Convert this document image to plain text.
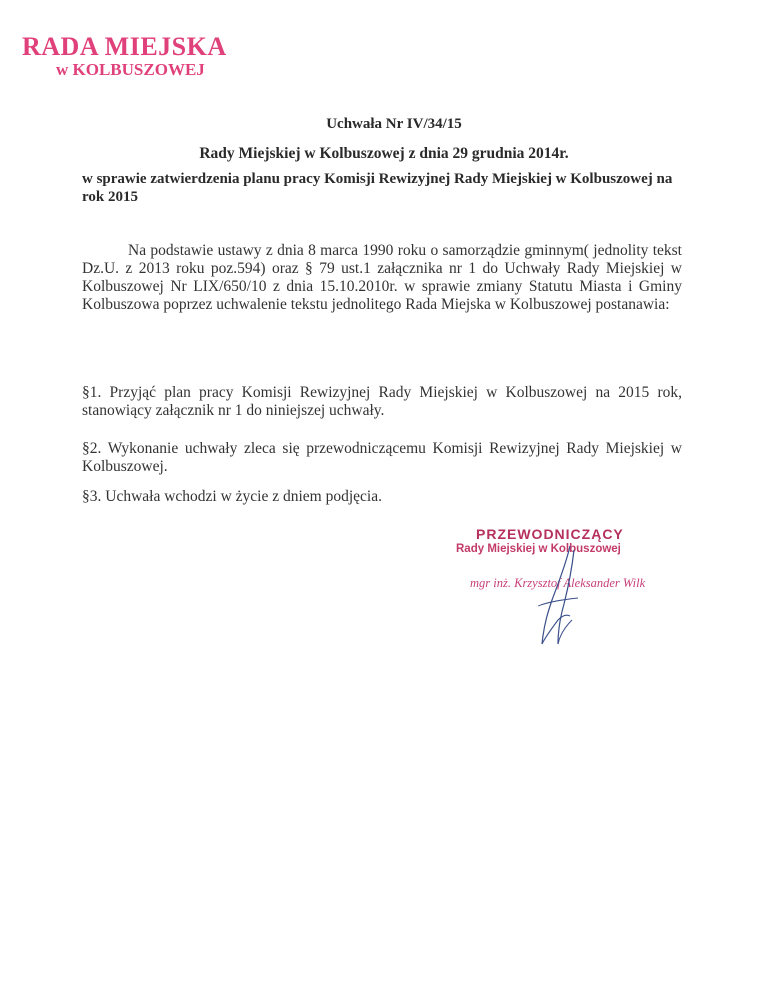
RADA MIEJSKA
w KOLBUSZOWEJ
Uchwała Nr IV/34/15
Rady Miejskiej w Kolbuszowej z dnia 29 grudnia 2014r.
w sprawie zatwierdzenia planu pracy Komisji Rewizyjnej Rady Miejskiej w Kolbuszowej na rok 2015
Na podstawie ustawy z dnia 8 marca 1990 roku o samorządzie gminnym( jednolity tekst Dz.U. z 2013 roku poz.594) oraz § 79 ust.1 załącznika nr 1 do Uchwały Rady Miejskiej w Kolbuszowej Nr LIX/650/10 z dnia 15.10.2010r. w sprawie zmiany Statutu Miasta i Gminy Kolbuszowa poprzez uchwalenie tekstu jednolitego Rada Miejska w Kolbuszowej postanawia:
§1. Przyjąć plan pracy Komisji Rewizyjnej Rady Miejskiej w Kolbuszowej na 2015 rok, stanowiący załącznik nr 1 do niniejszej uchwały.
§2. Wykonanie uchwały zleca się przewodniczącemu Komisji Rewizyjnej Rady Miejskiej w Kolbuszowej.
§3. Uchwała wchodzi w życie z dniem podjęcia.
PRZEWODNICZĄCY
Rady Miejskiej w Kolbuszowej
mgr inż. Krzysztof Aleksander Wilk
